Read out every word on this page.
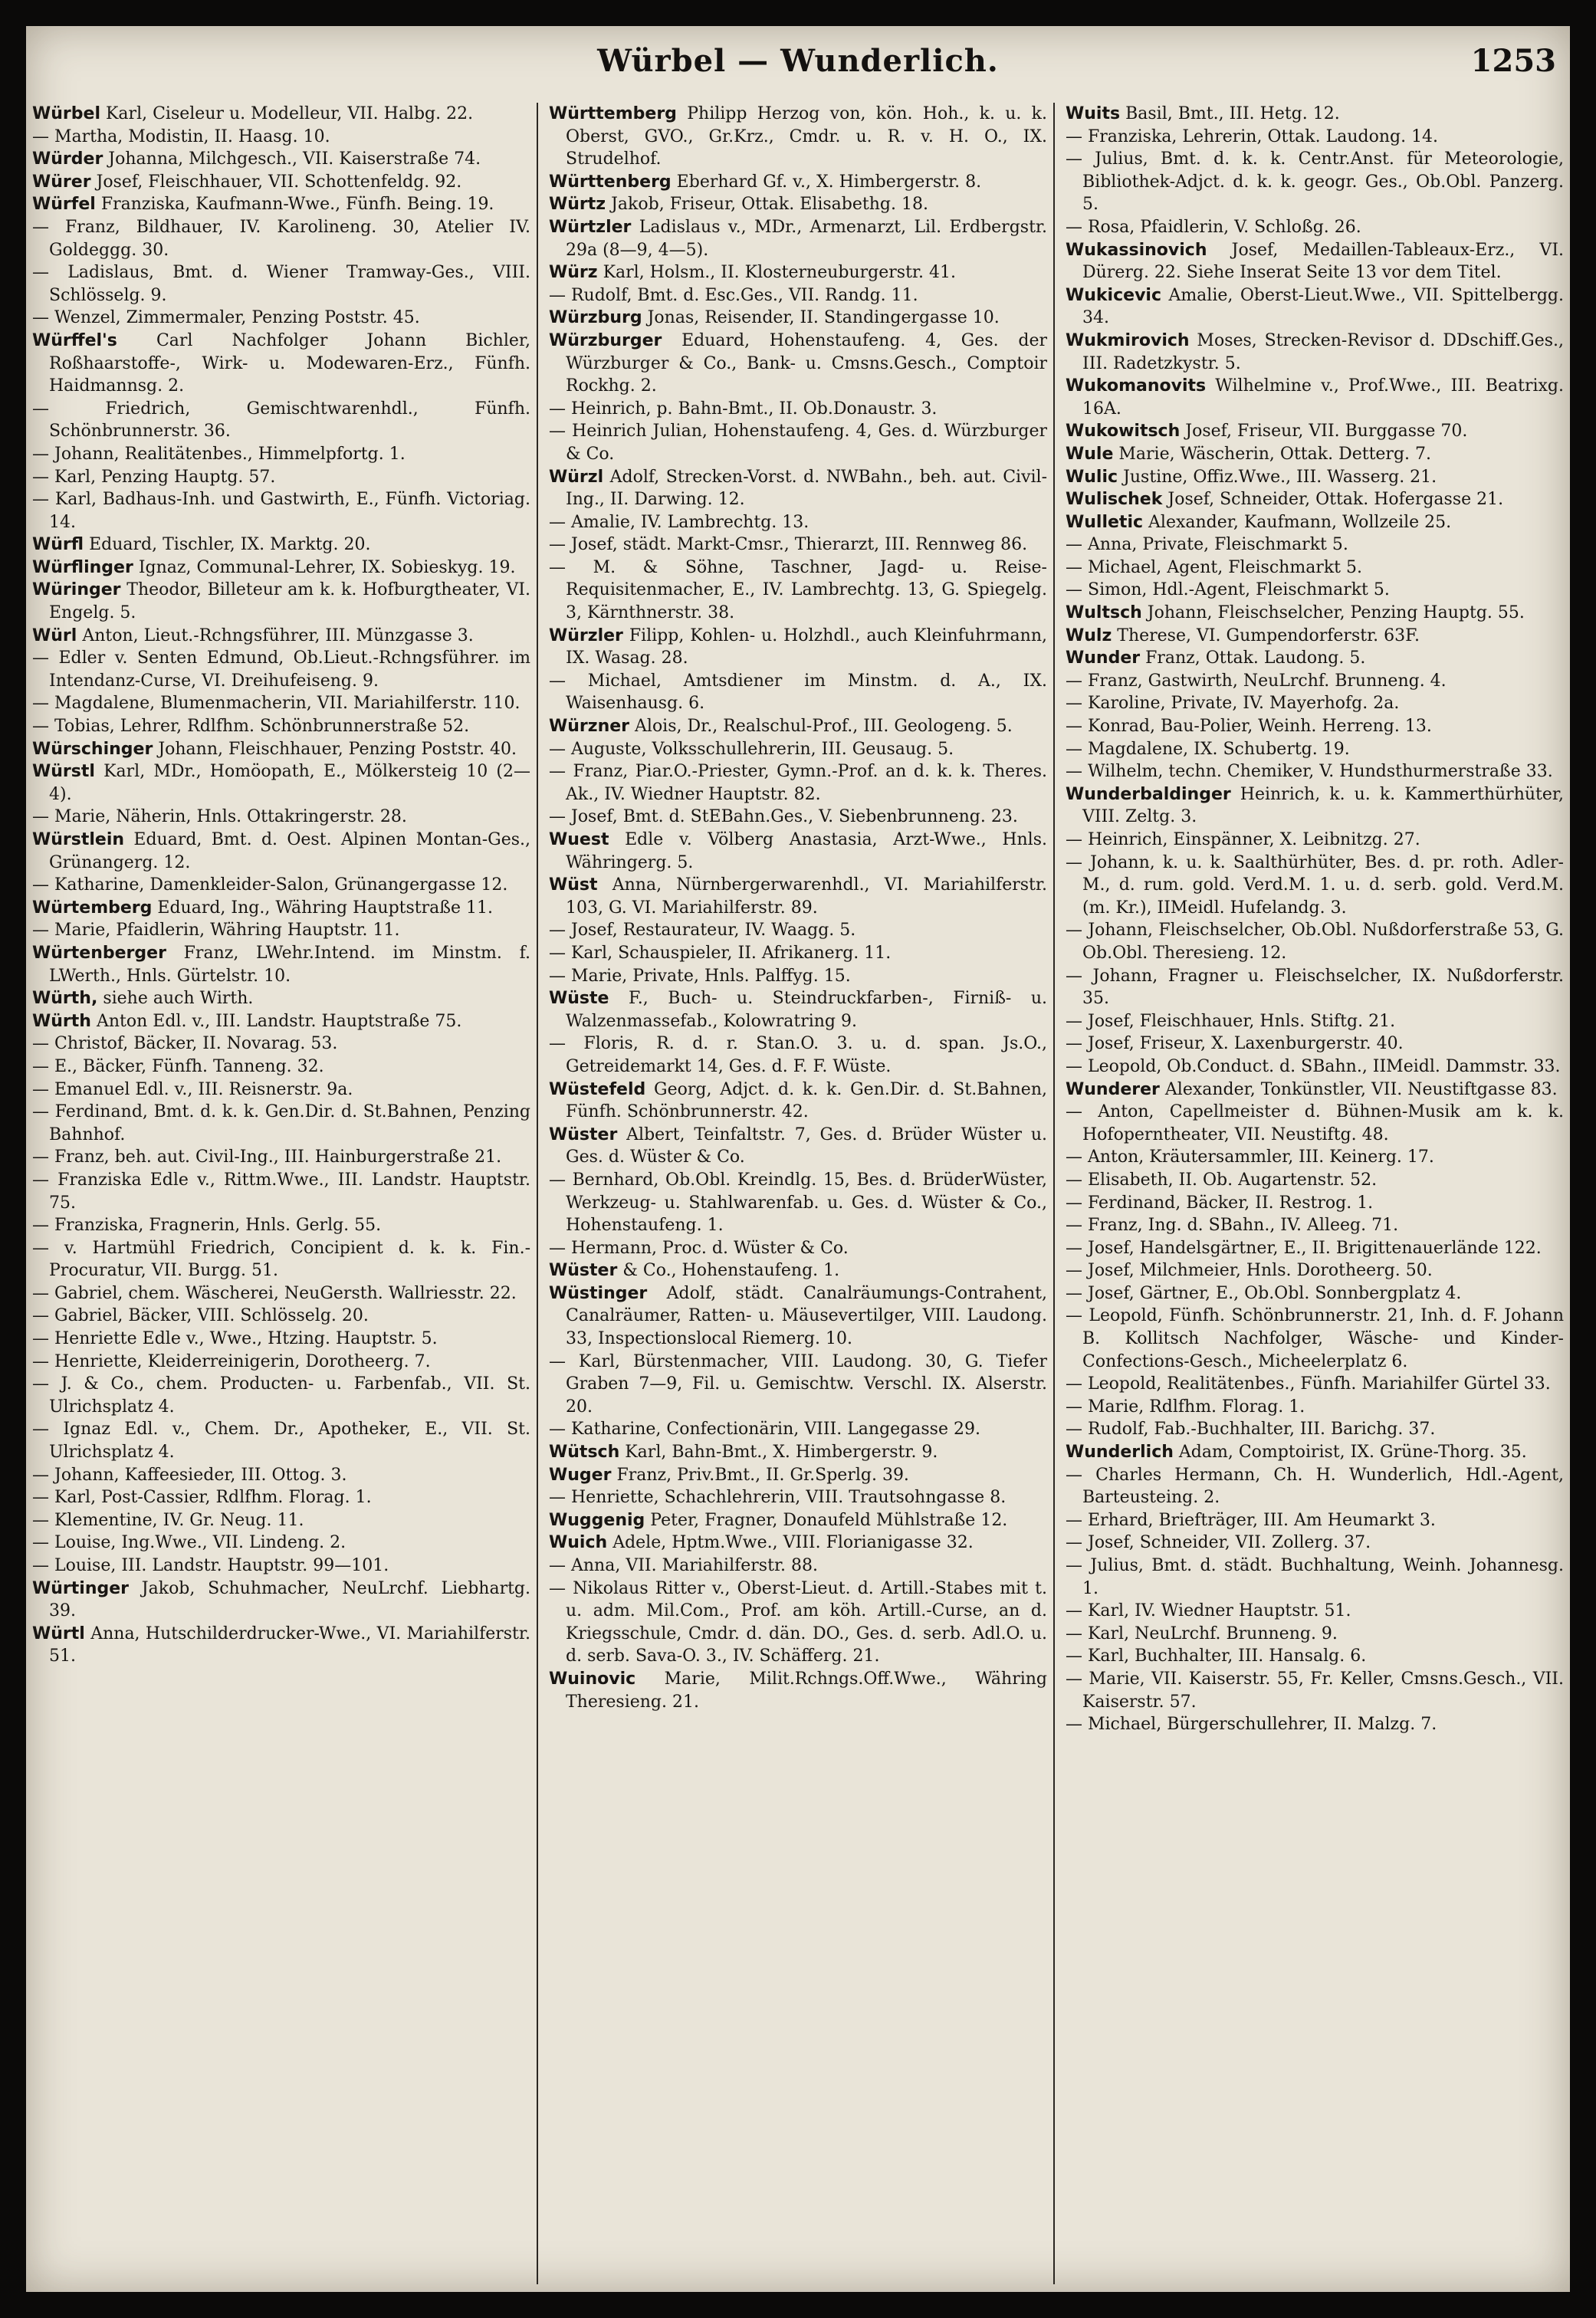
Würbel — Wunderlich.	1253

Würbel Karl, Ciseleur u. Modelleur, VII. Halbg. 22.

— Martha, Modistin, II. Haasg. 10.

Würder Johanna, Milchgesch., VII. Kaiserstraße 74.

Würer Josef, Fleischhauer, VII. Schottenfeldg. 92.

Würfel Franziska, Kaufmann-Wwe., Fünfh. Being. 19.

— Franz, Bildhauer, IV. Karolineng. 30, Atelier IV. Goldeggg. 30.

— Ladislaus, Bmt. d. Wiener Tramway-Ges., VIII. Schlösselg. 9.

— Wenzel, Zimmermaler, Penzing Poststr. 45.

Würffel's Carl Nachfolger Johann Bichler, Roßhaarstoffe-, Wirk- u. Modewaren-Erz., Fünfh. Haidmannsg. 2.

— Friedrich, Gemischtwarenhdl., Fünfh. Schönbrunnerstr. 36.

— Johann, Realitätenbes., Himmelpfortg. 1.

— Karl, Penzing Hauptg. 57.

— Karl, Badhaus-Inh. und Gastwirth, E., Fünfh. Victoriag. 14.

Würfl Eduard, Tischler, IX. Marktg. 20.

Würflinger Ignaz, Communal-Lehrer, IX. Sobieskyg. 19.

Würinger Theodor, Billeteur am k. k. Hofburgtheater, VI. Engelg. 5.

Würl Anton, Lieut.-Rchngsführer, III. Münzgasse 3.

— Edler v. Senten Edmund, Ob.Lieut.-Rchngsführer. im Intendanz-Curse, VI. Dreihufeiseng. 9.

— Magdalene, Blumenmacherin, VII. Mariahilferstr. 110.

— Tobias, Lehrer, Rdlfhm. Schönbrunnerstraße 52.

Würschinger Johann, Fleischhauer, Penzing Poststr. 40.

Würstl Karl, MDr., Homöopath, E., Mölkersteig 10 (2—4).

— Marie, Näherin, Hnls. Ottakringerstr. 28.

Würstlein Eduard, Bmt. d. Oest. Alpinen Montan-Ges., Grünangerg. 12.

— Katharine, Damenkleider-Salon, Grünangergasse 12.

Würtemberg Eduard, Ing., Währing Hauptstraße 11.

— Marie, Pfaidlerin, Währing Hauptstr. 11.

Würtenberger Franz, LWehr.Intend. im Minstm. f. LWerth., Hnls. Gürtelstr. 10.

Würth, siehe auch Wirth.

Würth Anton Edl. v., III. Landstr. Hauptstraße 75.

— Christof, Bäcker, II. Novarag. 53.

— E., Bäcker, Fünfh. Tanneng. 32.

— Emanuel Edl. v., III. Reisnerstr. 9a.

— Ferdinand, Bmt. d. k. k. Gen.Dir. d. St.Bahnen, Penzing Bahnhof.

— Franz, beh. aut. Civil-Ing., III. Hainburgerstraße 21.

— Franziska Edle v., Rittm.Wwe., III. Landstr. Hauptstr. 75.

— Franziska, Fragnerin, Hnls. Gerlg. 55.

— v. Hartmühl Friedrich, Concipient d. k. k. Fin.-Procuratur, VII. Burgg. 51.

— Gabriel, chem. Wäscherei, NeuGersth. Wallriesstr. 22.

— Gabriel, Bäcker, VIII. Schlösselg. 20.

— Henriette Edle v., Wwe., Htzing. Hauptstr. 5.

— Henriette, Kleiderreinigerin, Dorotheerg. 7.

— J. & Co., chem. Producten- u. Farbenfab., VII. St. Ulrichsplatz 4.

— Ignaz Edl. v., Chem. Dr., Apotheker, E., VII. St. Ulrichsplatz 4.

— Johann, Kaffeesieder, III. Ottog. 3.

— Karl, Post-Cassier, Rdlfhm. Florag. 1.

— Klementine, IV. Gr. Neug. 11.

— Louise, Ing.Wwe., VII. Lindeng. 2.

— Louise, III. Landstr. Hauptstr. 99—101.

Würtinger Jakob, Schuhmacher, NeuLrchf. Liebhartg. 39.

Würtl Anna, Hutschilderdrucker-Wwe., VI. Mariahilferstr. 51.

Württemberg Philipp Herzog von, kön. Hoh., k. u. k. Oberst, GVO., Gr.Krz., Cmdr. u. R. v. H. O., IX. Strudelhof.

Württenberg Eberhard Gf. v., X. Himbergerstr. 8.

Würtz Jakob, Friseur, Ottak. Elisabethg. 18.

Würtzler Ladislaus v., MDr., Armenarzt, Lil. Erdbergstr. 29a (8—9, 4—5).

Würz Karl, Holsm., II. Klosterneuburgerstr. 41.

— Rudolf, Bmt. d. Esc.Ges., VII. Randg. 11.

Würzburg Jonas, Reisender, II. Standingergasse 10.

Würzburger Eduard, Hohenstaufeng. 4, Ges. der Würzburger & Co., Bank- u. Cmsns.Gesch., Comptoir Rockhg. 2.

— Heinrich, p. Bahn-Bmt., II. Ob.Donaustr. 3.

— Heinrich Julian, Hohenstaufeng. 4, Ges. d. Würzburger & Co.

Würzl Adolf, Strecken-Vorst. d. NWBahn., beh. aut. Civil-Ing., II. Darwing. 12.

— Amalie, IV. Lambrechtg. 13.

— Josef, städt. Markt-Cmsr., Thierarzt, III. Rennweg 86.

— M. & Söhne, Taschner, Jagd- u. Reise-Requisitenmacher, E., IV. Lambrechtg. 13, G. Spiegelg. 3, Kärnthnerstr. 38.

Würzler Filipp, Kohlen- u. Holzhdl., auch Kleinfuhrmann, IX. Wasag. 28.

— Michael, Amtsdiener im Minstm. d. A., IX. Waisenhausg. 6.

Würzner Alois, Dr., Realschul-Prof., III. Geologeng. 5.

— Auguste, Volksschullehrerin, III. Geusaug. 5.

— Franz, Piar.O.-Priester, Gymn.-Prof. an d. k. k. Theres. Ak., IV. Wiedner Hauptstr. 82.

— Josef, Bmt. d. StEBahn.Ges., V. Siebenbrunneng. 23.

Wuest Edle v. Völberg Anastasia, Arzt-Wwe., Hnls. Währingerg. 5.

Wüst Anna, Nürnbergerwarenhdl., VI. Mariahilferstr. 103, G. VI. Mariahilferstr. 89.

— Josef, Restaurateur, IV. Waagg. 5.

— Karl, Schauspieler, II. Afrikanerg. 11.

— Marie, Private, Hnls. Palffyg. 15.

Wüste F., Buch- u. Steindruckfarben-, Firniß- u. Walzenmassefab., Kolowratring 9.

— Floris, R. d. r. Stan.O. 3. u. d. span. Js.O., Getreidemarkt 14, Ges. d. F. F. Wüste.

Wüstefeld Georg, Adjct. d. k. k. Gen.Dir. d. St.Bahnen, Fünfh. Schönbrunnerstr. 42.

Wüster Albert, Teinfaltstr. 7, Ges. d. Brüder Wüster u. Ges. d. Wüster & Co.

— Bernhard, Ob.Obl. Kreindlg. 15, Bes. d. BrüderWüster, Werkzeug- u. Stahlwarenfab. u. Ges. d. Wüster & Co., Hohenstaufeng. 1.

— Hermann, Proc. d. Wüster & Co.

Wüster & Co., Hohenstaufeng. 1.

Wüstinger Adolf, städt. Canalräumungs-Contrahent, Canalräumer, Ratten- u. Mäusevertilger, VIII. Laudong. 33, Inspectionslocal Riemerg. 10.

— Karl, Bürstenmacher, VIII. Laudong. 30, G. Tiefer Graben 7—9, Fil. u. Gemischtw. Verschl. IX. Alserstr. 20.

— Katharine, Confectionärin, VIII. Langegasse 29.

Wütsch Karl, Bahn-Bmt., X. Himbergerstr. 9.

Wuger Franz, Priv.Bmt., II. Gr.Sperlg. 39.

— Henriette, Schachlehrerin, VIII. Trautsohngasse 8.

Wuggenig Peter, Fragner, Donaufeld Mühlstraße 12.

Wuich Adele, Hptm.Wwe., VIII. Florianigasse 32.

— Anna, VII. Mariahilferstr. 88.

— Nikolaus Ritter v., Oberst-Lieut. d. Artill.-Stabes mit t. u. adm. Mil.Com., Prof. am köh. Artill.-Curse, an d. Kriegsschule, Cmdr. d. dän. DO., Ges. d. serb. Adl.O. u. d. serb. Sava-O. 3., IV. Schäfferg. 21.

Wuinovic Marie, Milit.Rchngs.Off.Wwe., Währing Theresieng. 21.

Wuits Basil, Bmt., III. Hetg. 12.

— Franziska, Lehrerin, Ottak. Laudong. 14.

— Julius, Bmt. d. k. k. Centr.Anst. für Meteorologie, Bibliothek-Adjct. d. k. k. geogr. Ges., Ob.Obl. Panzerg. 5.

— Rosa, Pfaidlerin, V. Schloßg. 26.

Wukassinovich Josef, Medaillen-Tableaux-Erz., VI. Dürerg. 22. Siehe Inserat Seite 13 vor dem Titel.

Wukicevic Amalie, Oberst-Lieut.Wwe., VII. Spittelbergg. 34.

Wukmirovich Moses, Strecken-Revisor d. DDschiff.Ges., III. Radetzkystr. 5.

Wukomanovits Wilhelmine v., Prof.Wwe., III. Beatrixg. 16A.

Wukowitsch Josef, Friseur, VII. Burggasse 70.

Wule Marie, Wäscherin, Ottak. Detterg. 7.

Wulic Justine, Offiz.Wwe., III. Wasserg. 21.

Wulischek Josef, Schneider, Ottak. Hofergasse 21.

Wulletic Alexander, Kaufmann, Wollzeile 25.

— Anna, Private, Fleischmarkt 5.

— Michael, Agent, Fleischmarkt 5.

— Simon, Hdl.-Agent, Fleischmarkt 5.

Wultsch Johann, Fleischselcher, Penzing Hauptg. 55.

Wulz Therese, VI. Gumpendorferstr. 63F.

Wunder Franz, Ottak. Laudong. 5.

— Franz, Gastwirth, NeuLrchf. Brunneng. 4.

— Karoline, Private, IV. Mayerhofg. 2a.

— Konrad, Bau-Polier, Weinh. Herreng. 13.

— Magdalene, IX. Schubertg. 19.

— Wilhelm, techn. Chemiker, V. Hundsthurmerstraße 33.

Wunderbaldinger Heinrich, k. u. k. Kammerthürhüter, VIII. Zeltg. 3.

— Heinrich, Einspänner, X. Leibnitzg. 27.

— Johann, k. u. k. Saalthürhüter, Bes. d. pr. roth. Adler-M., d. rum. gold. Verd.M. 1. u. d. serb. gold. Verd.M. (m. Kr.), IIMeidl. Hufelandg. 3.

— Johann, Fleischselcher, Ob.Obl. Nußdorferstraße 53, G. Ob.Obl. Theresieng. 12.

— Johann, Fragner u. Fleischselcher, IX. Nußdorferstr. 35.

— Josef, Fleischhauer, Hnls. Stiftg. 21.

— Josef, Friseur, X. Laxenburgerstr. 40.

— Leopold, Ob.Conduct. d. SBahn., IIMeidl. Dammstr. 33.

Wunderer Alexander, Tonkünstler, VII. Neustiftgasse 83.

— Anton, Capellmeister d. Bühnen-Musik am k. k. Hofoperntheater, VII. Neustiftg. 48.

— Anton, Kräutersammler, III. Keinerg. 17.

— Elisabeth, II. Ob. Augartenstr. 52.

— Ferdinand, Bäcker, II. Restrog. 1.

— Franz, Ing. d. SBahn., IV. Alleeg. 71.

— Josef, Handelsgärtner, E., II. Brigittenauerlände 122.

— Josef, Milchmeier, Hnls. Dorotheerg. 50.

— Josef, Gärtner, E., Ob.Obl. Sonnbergplatz 4.

— Leopold, Fünfh. Schönbrunnerstr. 21, Inh. d. F. Johann B. Kollitsch Nachfolger, Wäsche- und Kinder-Confections-Gesch., Micheelerplatz 6.

— Leopold, Realitätenbes., Fünfh. Mariahilfer Gürtel 33.

— Marie, Rdlfhm. Florag. 1.

— Rudolf, Fab.-Buchhalter, III. Barichg. 37.

Wunderlich Adam, Comptoirist, IX. Grüne-Thorg. 35.

— Charles Hermann, Ch. H. Wunderlich, Hdl.-Agent, Barteusteing. 2.

— Erhard, Briefträger, III. Am Heumarkt 3.

— Josef, Schneider, VII. Zollerg. 37.

— Julius, Bmt. d. städt. Buchhaltung, Weinh. Johannesg. 1.

— Karl, IV. Wiedner Hauptstr. 51.

— Karl, NeuLrchf. Brunneng. 9.

— Karl, Buchhalter, III. Hansalg. 6.

— Marie, VII. Kaiserstr. 55, Fr. Keller, Cmsns.Gesch., VII. Kaiserstr. 57.

— Michael, Bürgerschullehrer, II. Malzg. 7.
